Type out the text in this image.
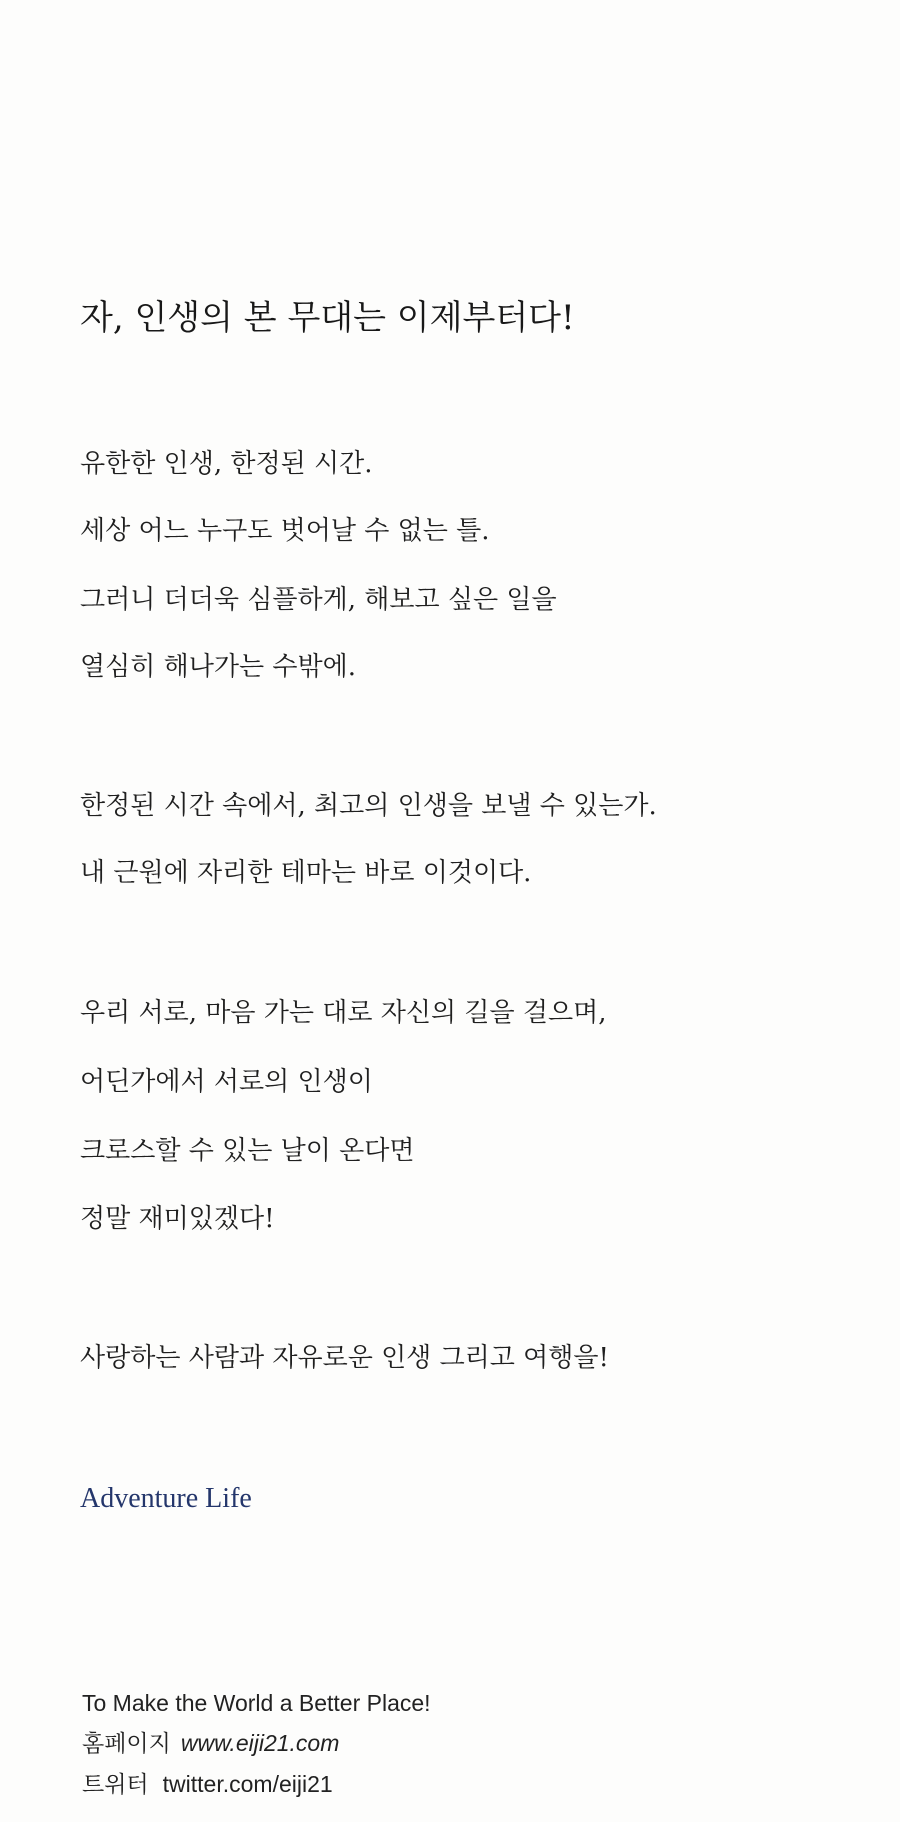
자, 인생의 본 무대는 이제부터다!
유한한 인생, 한정된 시간.
세상 어느 누구도 벗어날 수 없는 틀.
그러니 더더욱 심플하게, 해보고 싶은 일을
열심히 해나가는 수밖에.
한정된 시간 속에서, 최고의 인생을 보낼 수 있는가.
내 근원에 자리한 테마는 바로 이것이다.
우리 서로, 마음 가는 대로 자신의 길을 걸으며,
어딘가에서 서로의 인생이
크로스할 수 있는 날이 온다면
정말 재미있겠다!
사랑하는 사람과 자유로운 인생 그리고 여행을!
Adventure Life
To Make the World a Better Place!
홈페이지 www.eiji21.com
트위터 twitter.com/eiji21
